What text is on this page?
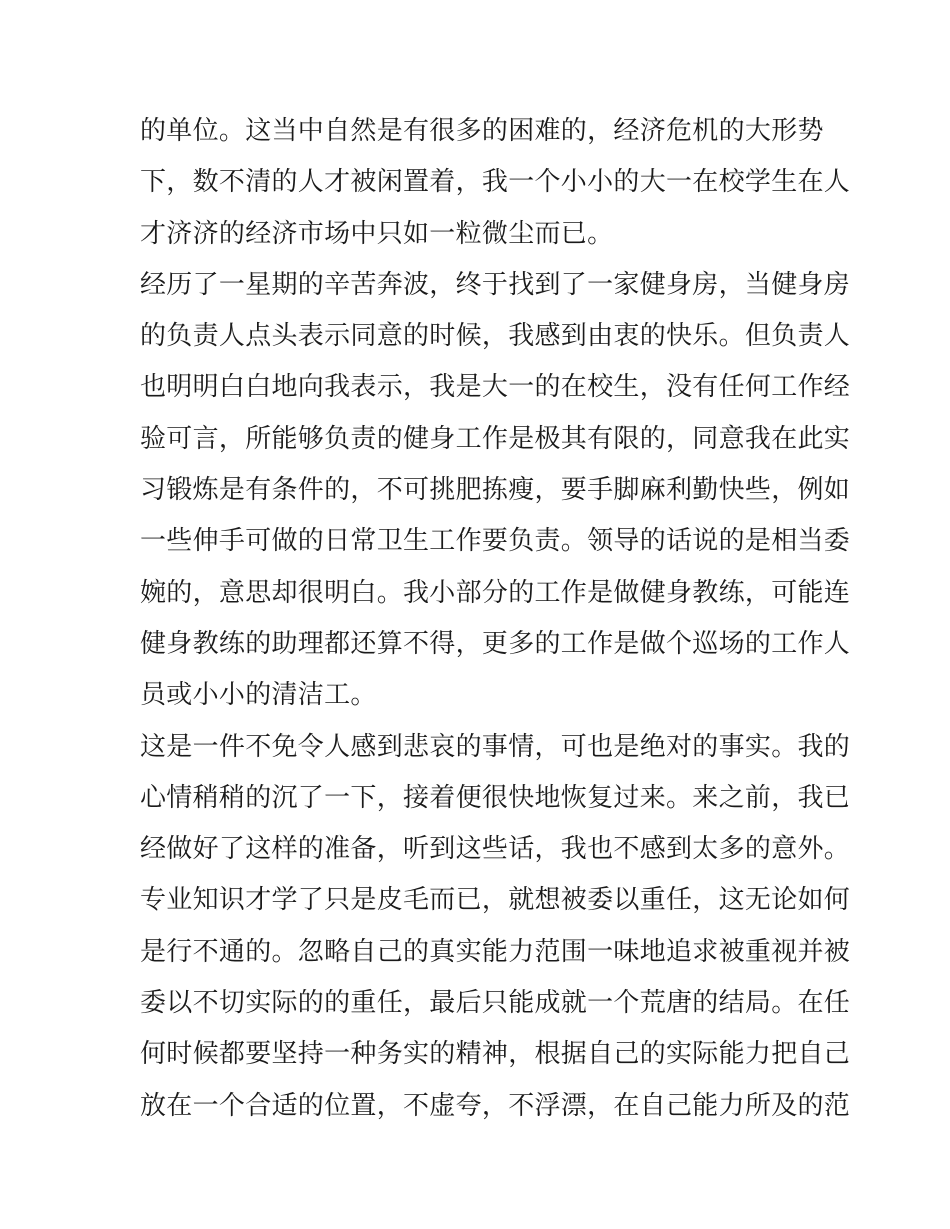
的单位。这当中自然是有很多的困难的，经济危机的大形势
下，数不清的人才被闲置着，我一个小小的大一在校学生在人
才济济的经济市场中只如一粒微尘而已。
经历了一星期的辛苦奔波，终于找到了一家健身房，当健身房
的负责人点头表示同意的时候，我感到由衷的快乐。但负责人
也明明白白地向我表示，我是大一的在校生，没有任何工作经
验可言，所能够负责的健身工作是极其有限的，同意我在此实
习锻炼是有条件的，不可挑肥拣瘦，要手脚麻利勤快些，例如
一些伸手可做的日常卫生工作要负责。领导的话说的是相当委
婉的，意思却很明白。我小部分的工作是做健身教练，可能连
健身教练的助理都还算不得，更多的工作是做个巡场的工作人
员或小小的清洁工。
这是一件不免令人感到悲哀的事情，可也是绝对的事实。我的
心情稍稍的沉了一下，接着便很快地恢复过来。来之前，我已
经做好了这样的准备，听到这些话，我也不感到太多的意外。
专业知识才学了只是皮毛而已，就想被委以重任，这无论如何
是行不通的。忽略自己的真实能力范围一味地追求被重视并被
委以不切实际的的重任，最后只能成就一个荒唐的结局。在任
何时候都要坚持一种务实的精神，根据自己的实际能力把自己
放在一个合适的位置，不虚夸，不浮漂，在自己能力所及的范
